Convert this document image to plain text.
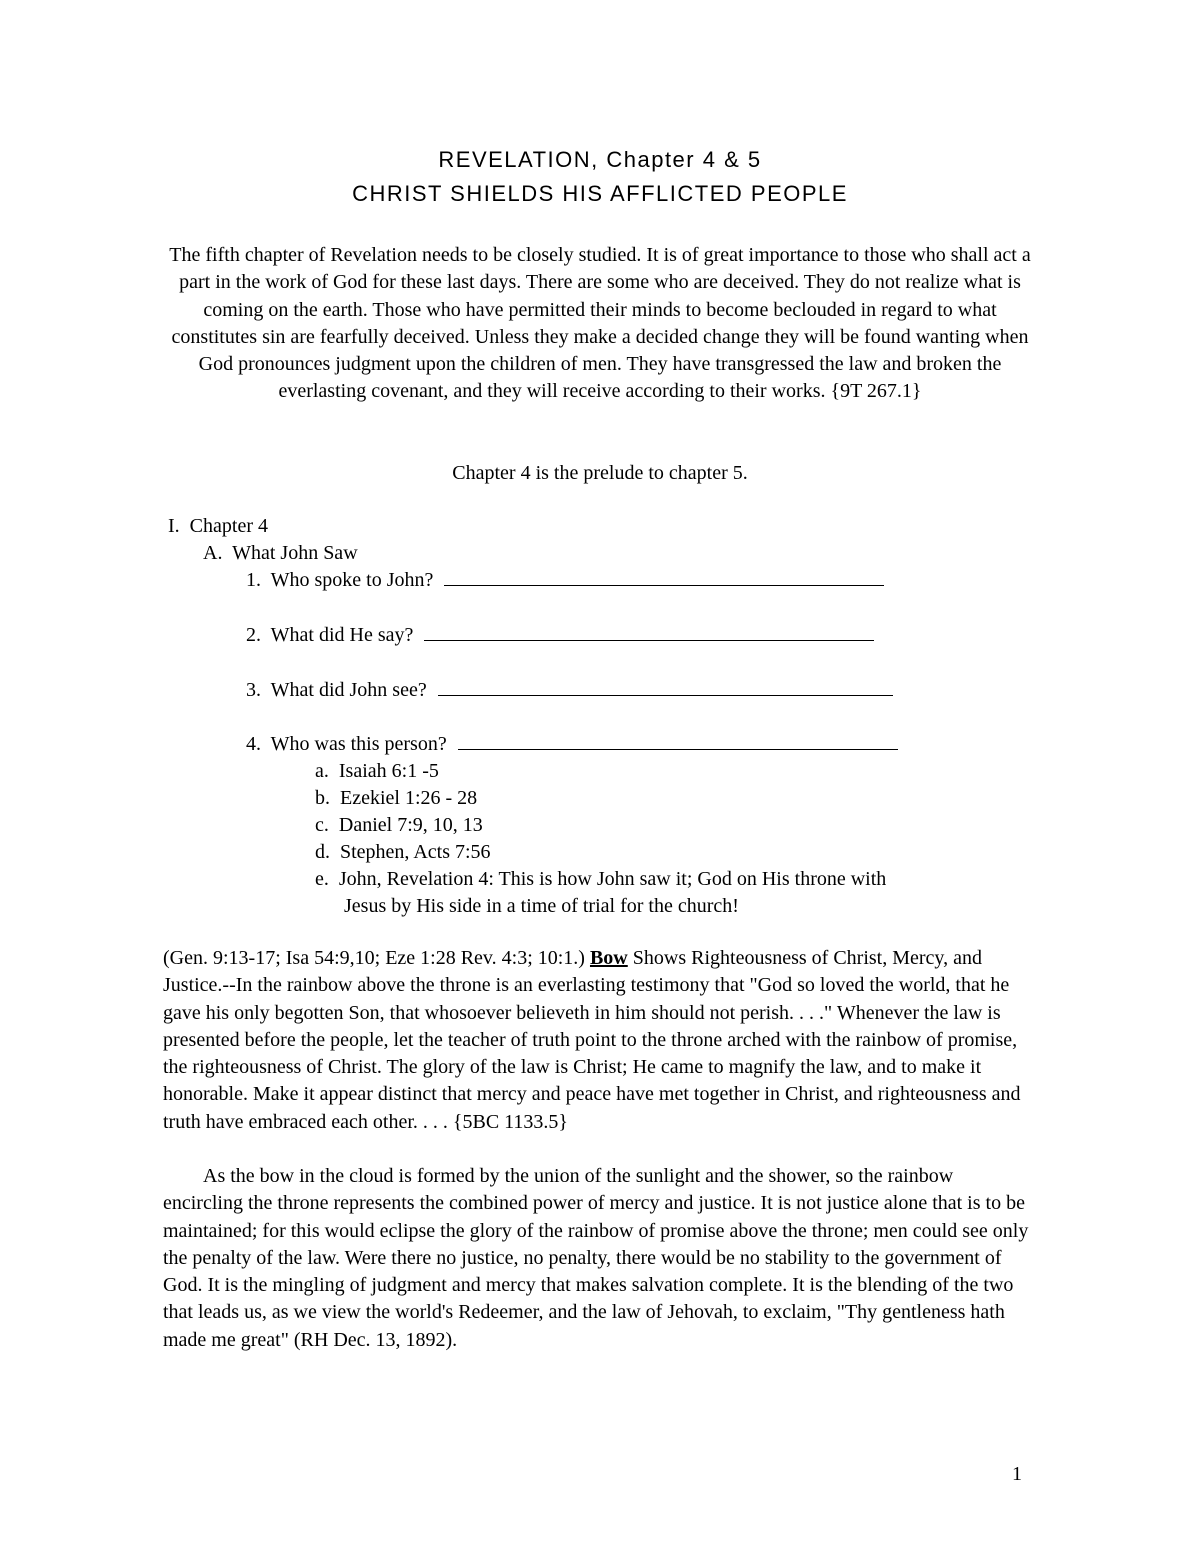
REVELATION, Chapter 4 & 5
CHRIST SHIELDS HIS AFFLICTED PEOPLE

The fifth chapter of Revelation needs to be closely studied. It is of great importance to those who shall act a part in the work of God for these last days. There are some who are deceived. They do not realize what is coming on the earth. Those who have permitted their minds to become beclouded in regard to what constitutes sin are fearfully deceived. Unless they make a decided change they will be found wanting when God pronounces judgment upon the children of men. They have transgressed the law and broken the everlasting covenant, and they will receive according to their works. {9T 267.1}

Chapter 4 is the prelude to chapter 5.
I. Chapter 4
A. What John Saw
1. Who spoke to John?
2. What did He say?
3. What did John see?
4. Who was this person?
a. Isaiah 6:1 -5
b. Ezekiel 1:26 - 28
c. Daniel 7:9, 10, 13
d. Stephen, Acts 7:56
e. John, Revelation 4: This is how John saw it; God on His throne with
Jesus by His side in a time of trial for the church!

(Gen. 9:13-17; Isa 54:9,10; Eze 1:28 Rev. 4:3; 10:1.) Bow Shows Righteousness of Christ, Mercy, and Justice.--In the rainbow above the throne is an everlasting testimony that "God so loved the world, that he gave his only begotten Son, that whosoever believeth in him should not perish. . . ." Whenever the law is presented before the people, let the teacher of truth point to the throne arched with the rainbow of promise, the righteousness of Christ. The glory of the law is Christ; He came to magnify the law, and to make it honorable. Make it appear distinct that mercy and peace have met together in Christ, and righteousness and truth have embraced each other. . . . {5BC 1133.5}

As the bow in the cloud is formed by the union of the sunlight and the shower, so the rainbow encircling the throne represents the combined power of mercy and justice. It is not justice alone that is to be maintained; for this would eclipse the glory of the rainbow of promise above the throne; men could see only the penalty of the law. Were there no justice, no penalty, there would be no stability to the government of God. It is the mingling of judgment and mercy that makes salvation complete. It is the blending of the two that leads us, as we view the world's Redeemer, and the law of Jehovah, to exclaim, "Thy gentleness hath made me great" (RH Dec. 13, 1892).

1
